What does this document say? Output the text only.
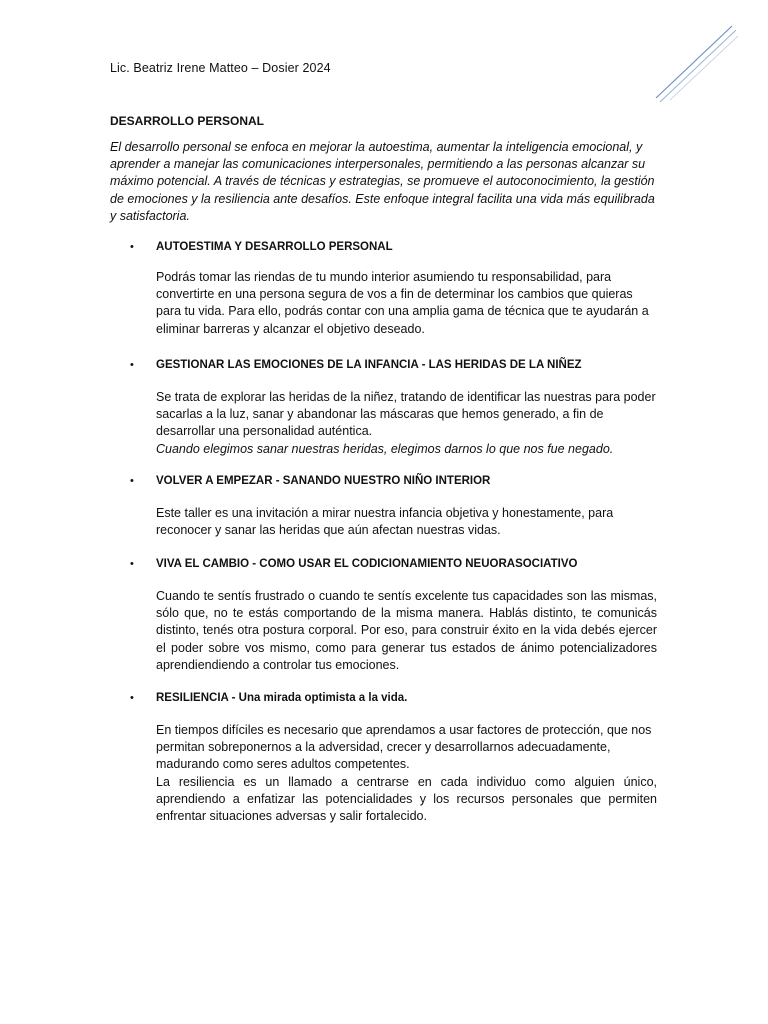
Lic. Beatriz Irene Matteo – Dosier 2024
DESARROLLO PERSONAL

El desarrollo personal se enfoca en mejorar la autoestima, aumentar la inteligencia emocional, y aprender a manejar las comunicaciones interpersonales, permitiendo a las personas alcanzar su máximo potencial. A través de técnicas y estrategias, se promueve el autoconocimiento, la gestión de emociones y la resiliencia ante desafíos. Este enfoque integral facilita una vida más equilibrada y satisfactoria.

• AUTOESTIMA Y DESARROLLO PERSONAL

Podrás tomar las riendas de tu mundo interior asumiendo tu responsabilidad, para convertirte en una persona segura de vos a fin de determinar los cambios que quieras para tu vida. Para ello, podrás contar con una amplia gama de técnica que te ayudarán a eliminar barreras y alcanzar el objetivo deseado.

• GESTIONAR LAS EMOCIONES DE LA INFANCIA - LAS HERIDAS DE LA NIÑEZ

Se trata de explorar las heridas de la niñez, tratando de identificar las nuestras para poder sacarlas a la luz, sanar y abandonar las máscaras que hemos generado, a fin de desarrollar una personalidad auténtica.

Cuando elegimos sanar nuestras heridas, elegimos darnos lo que nos fue negado.

• VOLVER A EMPEZAR - SANANDO NUESTRO NIÑO INTERIOR

Este taller es una invitación a mirar nuestra infancia objetiva y honestamente, para reconocer y sanar las heridas que aún afectan nuestras vidas.

• VIVA EL CAMBIO - COMO USAR EL CODICIONAMIENTO NEUORASOCIATIVO

Cuando te sentís frustrado o cuando te sentís excelente tus capacidades son las mismas, sólo que, no te estás comportando de la misma manera. Hablás distinto, te comunicás distinto, tenés otra postura corporal. Por eso, para construir éxito en la vida debés ejercer el poder sobre vos mismo, como para generar tus estados de ánimo potencializadores aprendiendiendo a controlar tus emociones.

• RESILIENCIA - Una mirada optimista a la vida.

En tiempos difíciles es necesario que aprendamos a usar factores de protección, que nos permitan sobreponernos a la adversidad, crecer y desarrollarnos adecuadamente, madurando como seres adultos competentes.

La resiliencia es un llamado a centrarse en cada individuo como alguien único, aprendiendo a enfatizar las potencialidades y los recursos personales que permiten enfrentar situaciones adversas y salir fortalecido.
